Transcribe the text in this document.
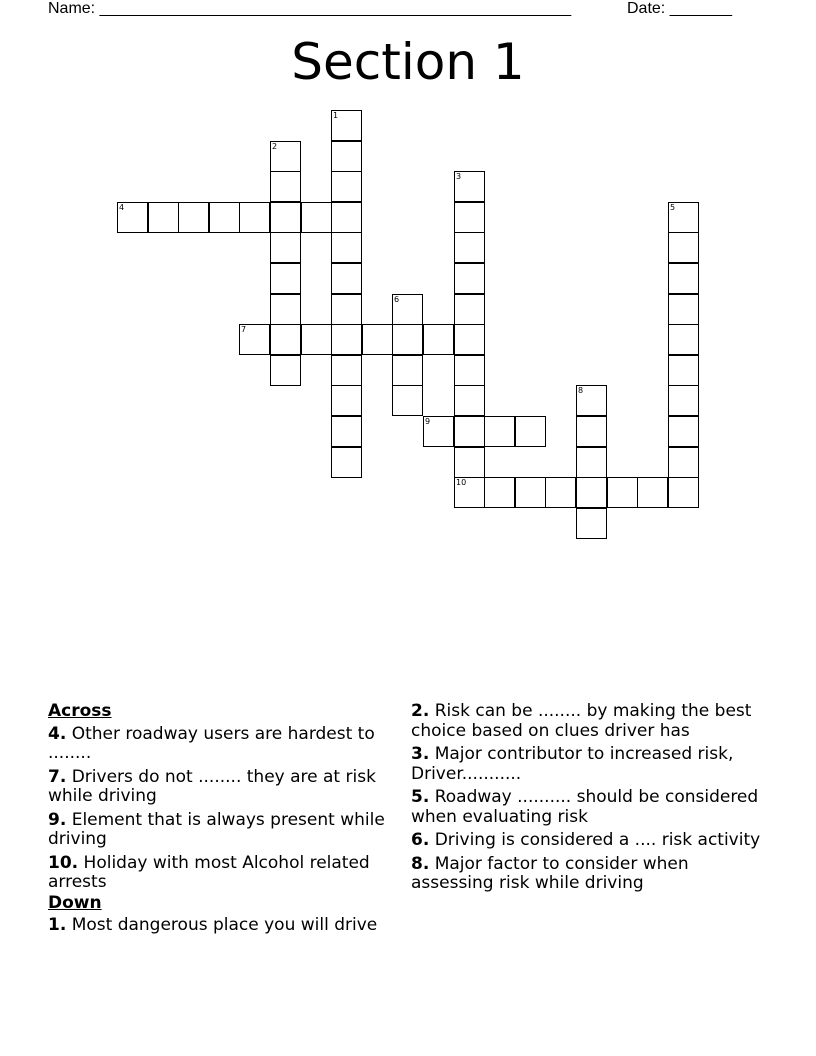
Name: _____________________________________________________	Date: _______
Section 1
1
2
3
10
4	5
6
7
8
9
Across
4. Other roadway users are hardest to ........
7. Drivers do not ........ they are at risk while driving
9. Element that is always present while driving
10. Holiday with most Alcohol related arrests
Down
1. Most dangerous place you will drive
2. Risk can be ........ by making the best choice based on clues driver has
3. Major contributor to increased risk, Driver...........
5. Roadway .......... should be considered when evaluating risk
6. Driving is considered a .... risk activity
8. Major factor to consider when assessing risk while driving
